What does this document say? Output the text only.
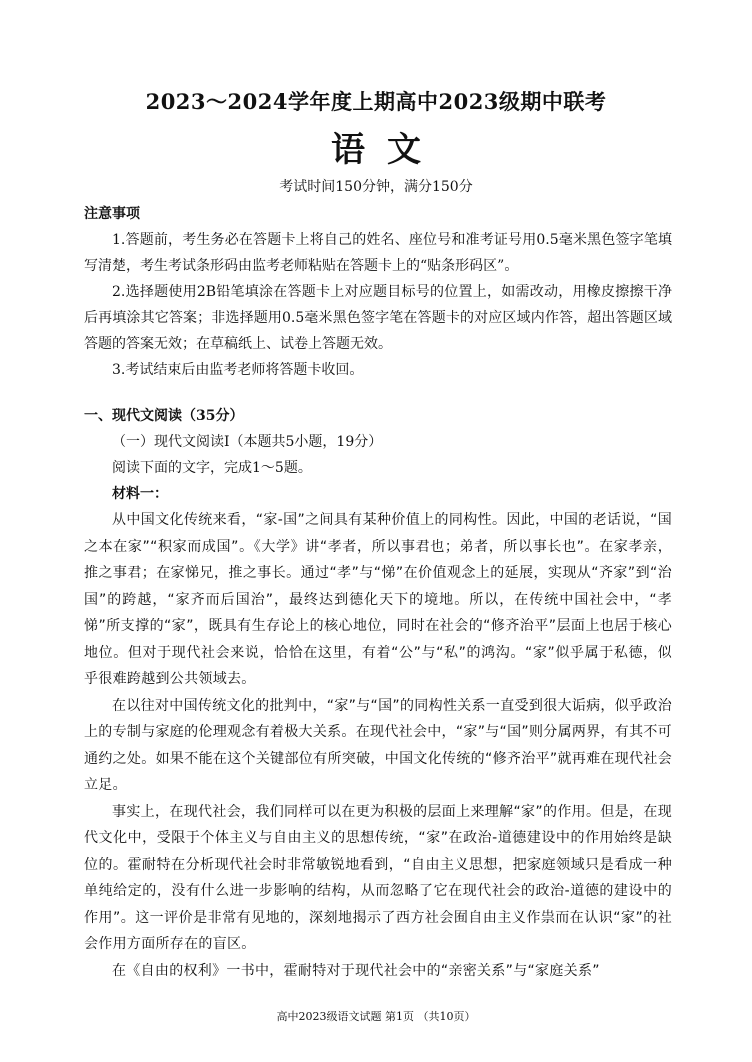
2023～2024学年度上期高中2023级期中联考
语文
考试时间150分钟，满分150分
注意事项

1.答题前，考生务必在答题卡上将自己的姓名、座位号和准考证号用0.5毫米黑色签字笔填写清楚，考生考试条形码由监考老师粘贴在答题卡上的“贴条形码区”。

2.选择题使用2B铅笔填涂在答题卡上对应题目标号的位置上，如需改动，用橡皮擦擦干净后再填涂其它答案；非选择题用0.5毫米黑色签字笔在答题卡的对应区域内作答，超出答题区域答题的答案无效；在草稿纸上、试卷上答题无效。

3.考试结束后由监考老师将答题卡收回。

一、现代文阅读（35分）

（一）现代文阅读Ⅰ（本题共5小题，19分）

阅读下面的文字，完成1～5题。

材料一：

从中国文化传统来看，“家-国”之间具有某种价值上的同构性。因此，中国的老话说，“国之本在家”“积家而成国”。《大学》讲“孝者，所以事君也；弟者，所以事长也”。在家孝亲，推之事君；在家悌兄，推之事长。通过“孝”与“悌”在价值观念上的延展，实现从“齐家”到“治国”的跨越，“家齐而后国治”，最终达到德化天下的境地。所以，在传统中国社会中，“孝悌”所支撑的“家”，既具有生存论上的核心地位，同时在社会的“修齐治平”层面上也居于核心地位。但对于现代社会来说，恰恰在这里，有着“公”与“私”的鸿沟。“家”似乎属于私德，似乎很难跨越到公共领域去。

在以往对中国传统文化的批判中，“家”与“国”的同构性关系一直受到很大诟病，似乎政治上的专制与家庭的伦理观念有着极大关系。在现代社会中，“家”与“国”则分属两界，有其不可通约之处。如果不能在这个关键部位有所突破，中国文化传统的“修齐治平”就再难在现代社会立足。

事实上，在现代社会，我们同样可以在更为积极的层面上来理解“家”的作用。但是，在现代文化中，受限于个体主义与自由主义的思想传统，“家”在政治-道德建设中的作用始终是缺位的。霍耐特在分析现代社会时非常敏锐地看到，“自由主义思想，把家庭领域只是看成一种单纯给定的，没有什么进一步影响的结构，从而忽略了它在现代社会的政治-道德的建设中的作用”。这一评价是非常有见地的，深刻地揭示了西方社会囿自由主义作祟而在认识“家”的社会作用方面所存在的盲区。

在《自由的权利》一书中，霍耐特对于现代社会中的“亲密关系”与“家庭关系”

高中2023级语文试题 第1页 （共10页）
